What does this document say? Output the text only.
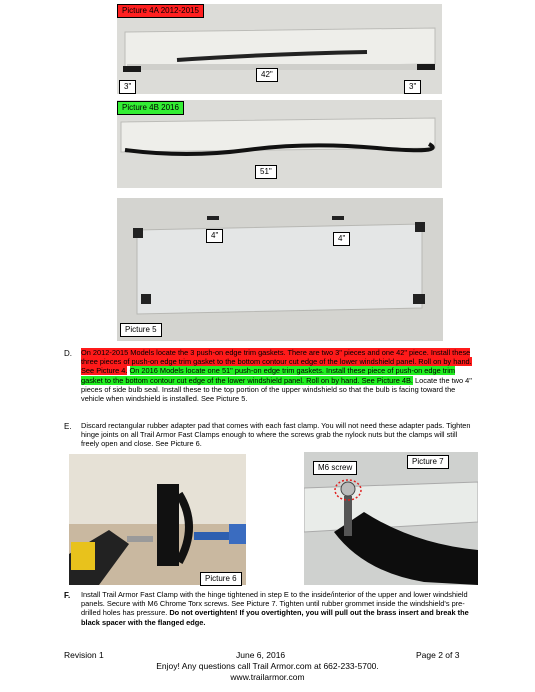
Picture 4A 2012-2015
3"
42"
3"
Picture 4B 2016
51"
4"	4"
Picture 5
D. On 2012-2015 Models locate the 3 push-on edge trim gaskets. There are two 3" pieces and one 42" piece. Install these three pieces of push-on edge trim gasket to the bottom contour cut edge of the lower windshield panel. Roll on by hand. See Picture 4. On 2016 Models locate one 51" push-on edge trim gaskets. Install these piece of push-on edge trim gasket to the bottom contour cut edge of the lower windshield panel. Roll on by hand. See Picture 4B. Locate the two 4" pieces of side bulb seal. Install these to the top portion of the upper windshield so that the bulb is facing toward the vehicle when windshield is installed. See Picture 5.
E. Discard rectangular rubber adapter pad that comes with each fast clamp. You will not need these adapter pads. Tighten hinge joints on all Trail Armor Fast Clamps enough to where the screws grab the nylock nuts but the clamps will still freely open and close. See Picture 6.
Picture 6
M6 screw
Picture 7
F. Install Trail Armor Fast Clamp with the hinge tightened in step E to the inside/interior of the upper and lower windshield panels. Secure with M6 Chrome Torx screws. See Picture 7. Tighten until rubber grommet inside the windshield's pre-drilled holes has pressure. Do not overtighten! If you overtighten, you will pull out the brass insert and break the black spacer with the flanged edge.
Revision 1	June 6, 2016	Page 2 of 3
Enjoy! Any questions call Trail Armor.com at 662-233-5700.
www.trailarmor.com
